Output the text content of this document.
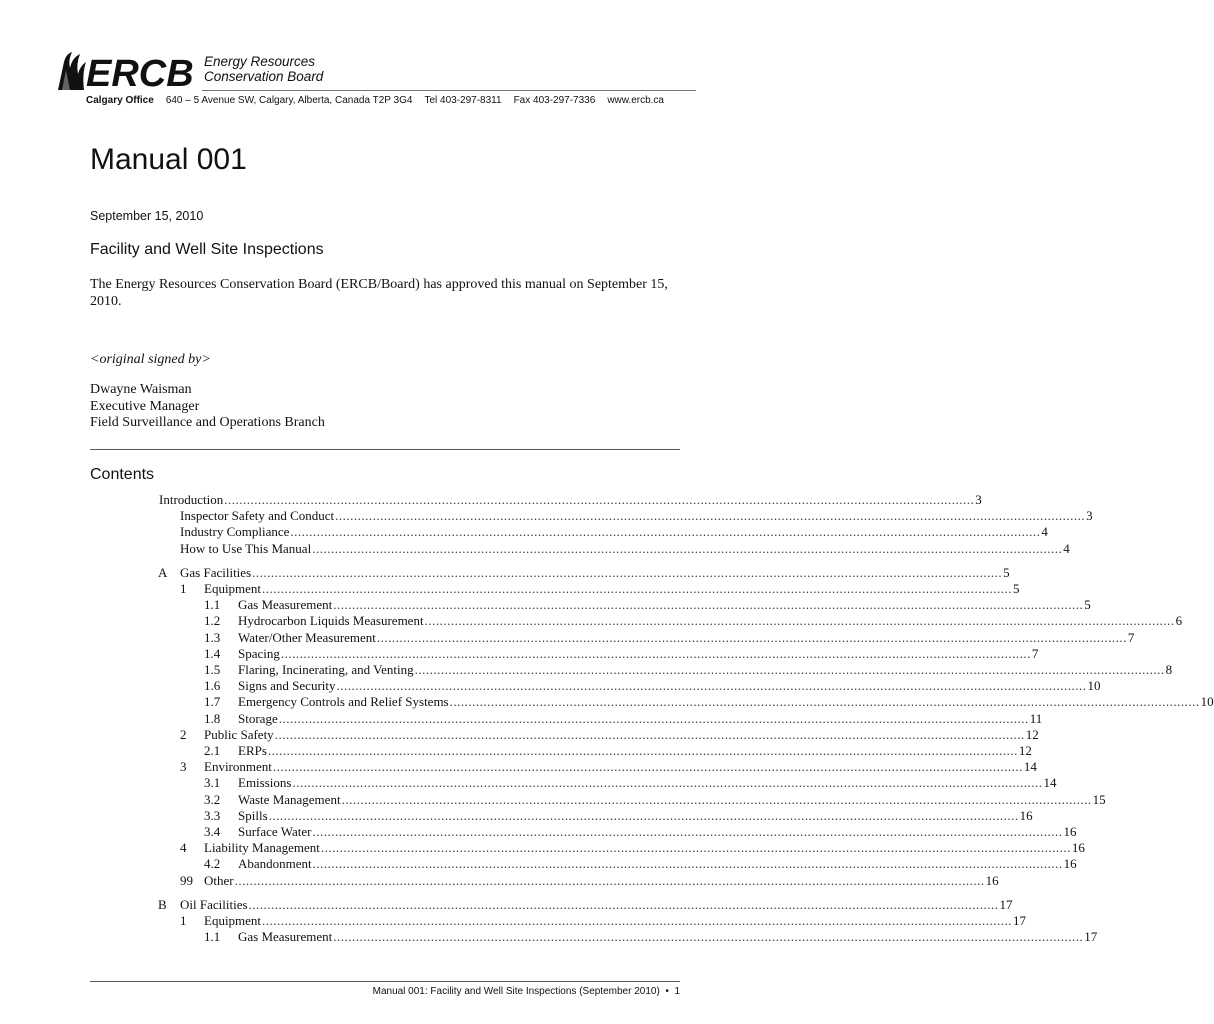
ERCB Energy Resources
Conservation Board
Calgary Office 640 – 5 Avenue SW, Calgary, Alberta, Canada T2P 3G4 Tel 403-297-8311 Fax 403-297-7336 www.ercb.ca
Manual 001
September 15, 2010
Facility and Well Site Inspections
The Energy Resources Conservation Board (ERCB/Board) has approved this manual on September 15, 2010.
<original signed by>
Dwayne Waisman
Executive Manager
Field Surveillance and Operations Branch
Contents
Introduction ........................................................................................................................................................................................................ 3
Inspector Safety and Conduct ........................................................................................................................................................................................................ 3
Industry Compliance ........................................................................................................................................................................................................ 4
How to Use This Manual ........................................................................................................................................................................................................ 4
A Gas Facilities ........................................................................................................................................................................................................ 5
1 Equipment ........................................................................................................................................................................................................ 5
1.1 Gas Measurement ........................................................................................................................................................................................................ 5
1.2 Hydrocarbon Liquids Measurement ........................................................................................................................................................................................................ 6
1.3 Water/Other Measurement ........................................................................................................................................................................................................ 7
1.4 Spacing ........................................................................................................................................................................................................ 7
1.5 Flaring, Incinerating, and Venting ........................................................................................................................................................................................................ 8
1.6 Signs and Security ........................................................................................................................................................................................................ 10
1.7 Emergency Controls and Relief Systems ........................................................................................................................................................................................................ 10
1.8 Storage ........................................................................................................................................................................................................ 11
2 Public Safety ........................................................................................................................................................................................................ 12
2.1 ERPs ........................................................................................................................................................................................................ 12
3 Environment ........................................................................................................................................................................................................ 14
3.1 Emissions ........................................................................................................................................................................................................ 14
3.2 Waste Management ........................................................................................................................................................................................................ 15
3.3 Spills ........................................................................................................................................................................................................ 16
3.4 Surface Water ........................................................................................................................................................................................................ 16
4 Liability Management ........................................................................................................................................................................................................ 16
4.2 Abandonment ........................................................................................................................................................................................................ 16
99 Other ........................................................................................................................................................................................................ 16
B Oil Facilities ........................................................................................................................................................................................................ 17
1 Equipment ........................................................................................................................................................................................................ 17
1.1 Gas Measurement ........................................................................................................................................................................................................ 17
Manual 001: Facility and Well Site Inspections (September 2010) • 1
